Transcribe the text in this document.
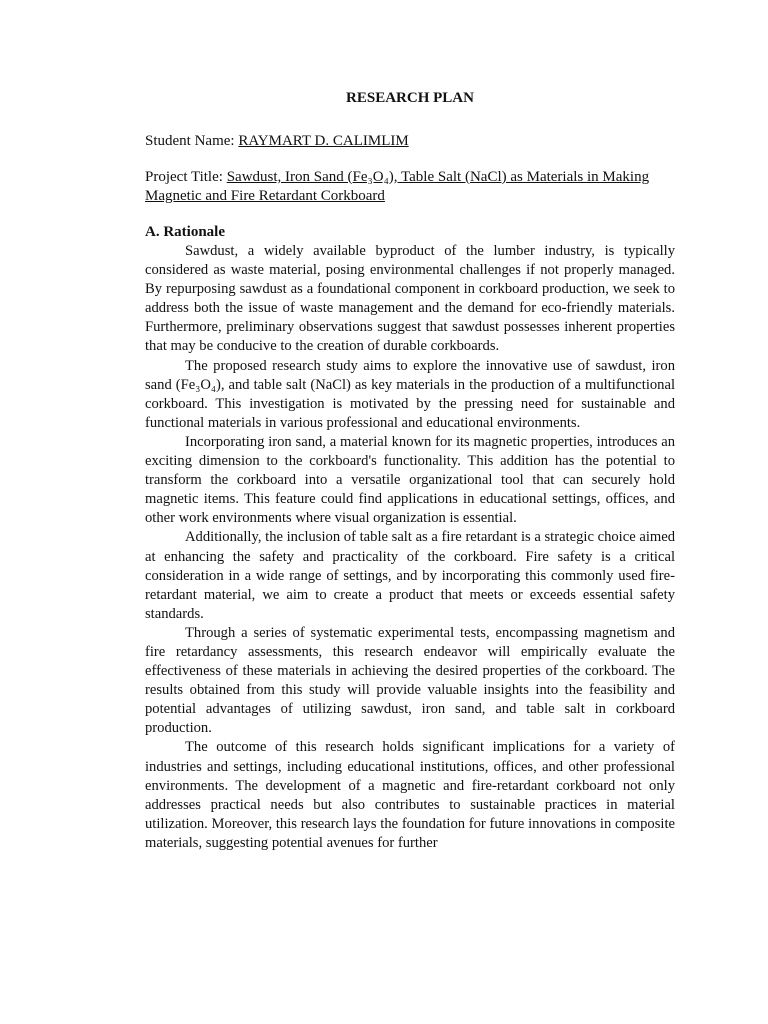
RESEARCH PLAN

Student Name: RAYMART D. CALIMLIM

Project Title: Sawdust, Iron Sand (Fe₃O₄), Table Salt (NaCl) as Materials in Making Magnetic and Fire Retardant Corkboard

A. Rationale

Sawdust, a widely available byproduct of the lumber industry, is typically considered as waste material, posing environmental challenges if not properly managed. By repurposing sawdust as a foundational component in corkboard production, we seek to address both the issue of waste management and the demand for eco-friendly materials. Furthermore, preliminary observations suggest that sawdust possesses inherent properties that may be conducive to the creation of durable corkboards.

The proposed research study aims to explore the innovative use of sawdust, iron sand (Fe₃O₄), and table salt (NaCl) as key materials in the production of a multifunctional corkboard. This investigation is motivated by the pressing need for sustainable and functional materials in various professional and educational environments.

Incorporating iron sand, a material known for its magnetic properties, introduces an exciting dimension to the corkboard's functionality. This addition has the potential to transform the corkboard into a versatile organizational tool that can securely hold magnetic items. This feature could find applications in educational settings, offices, and other work environments where visual organization is essential.

Additionally, the inclusion of table salt as a fire retardant is a strategic choice aimed at enhancing the safety and practicality of the corkboard. Fire safety is a critical consideration in a wide range of settings, and by incorporating this commonly used fire-retardant material, we aim to create a product that meets or exceeds essential safety standards.

Through a series of systematic experimental tests, encompassing magnetism and fire retardancy assessments, this research endeavor will empirically evaluate the effectiveness of these materials in achieving the desired properties of the corkboard. The results obtained from this study will provide valuable insights into the feasibility and potential advantages of utilizing sawdust, iron sand, and table salt in corkboard production.

The outcome of this research holds significant implications for a variety of industries and settings, including educational institutions, offices, and other professional environments. The development of a magnetic and fire-retardant corkboard not only addresses practical needs but also contributes to sustainable practices in material utilization. Moreover, this research lays the foundation for future innovations in composite materials, suggesting potential avenues for further
